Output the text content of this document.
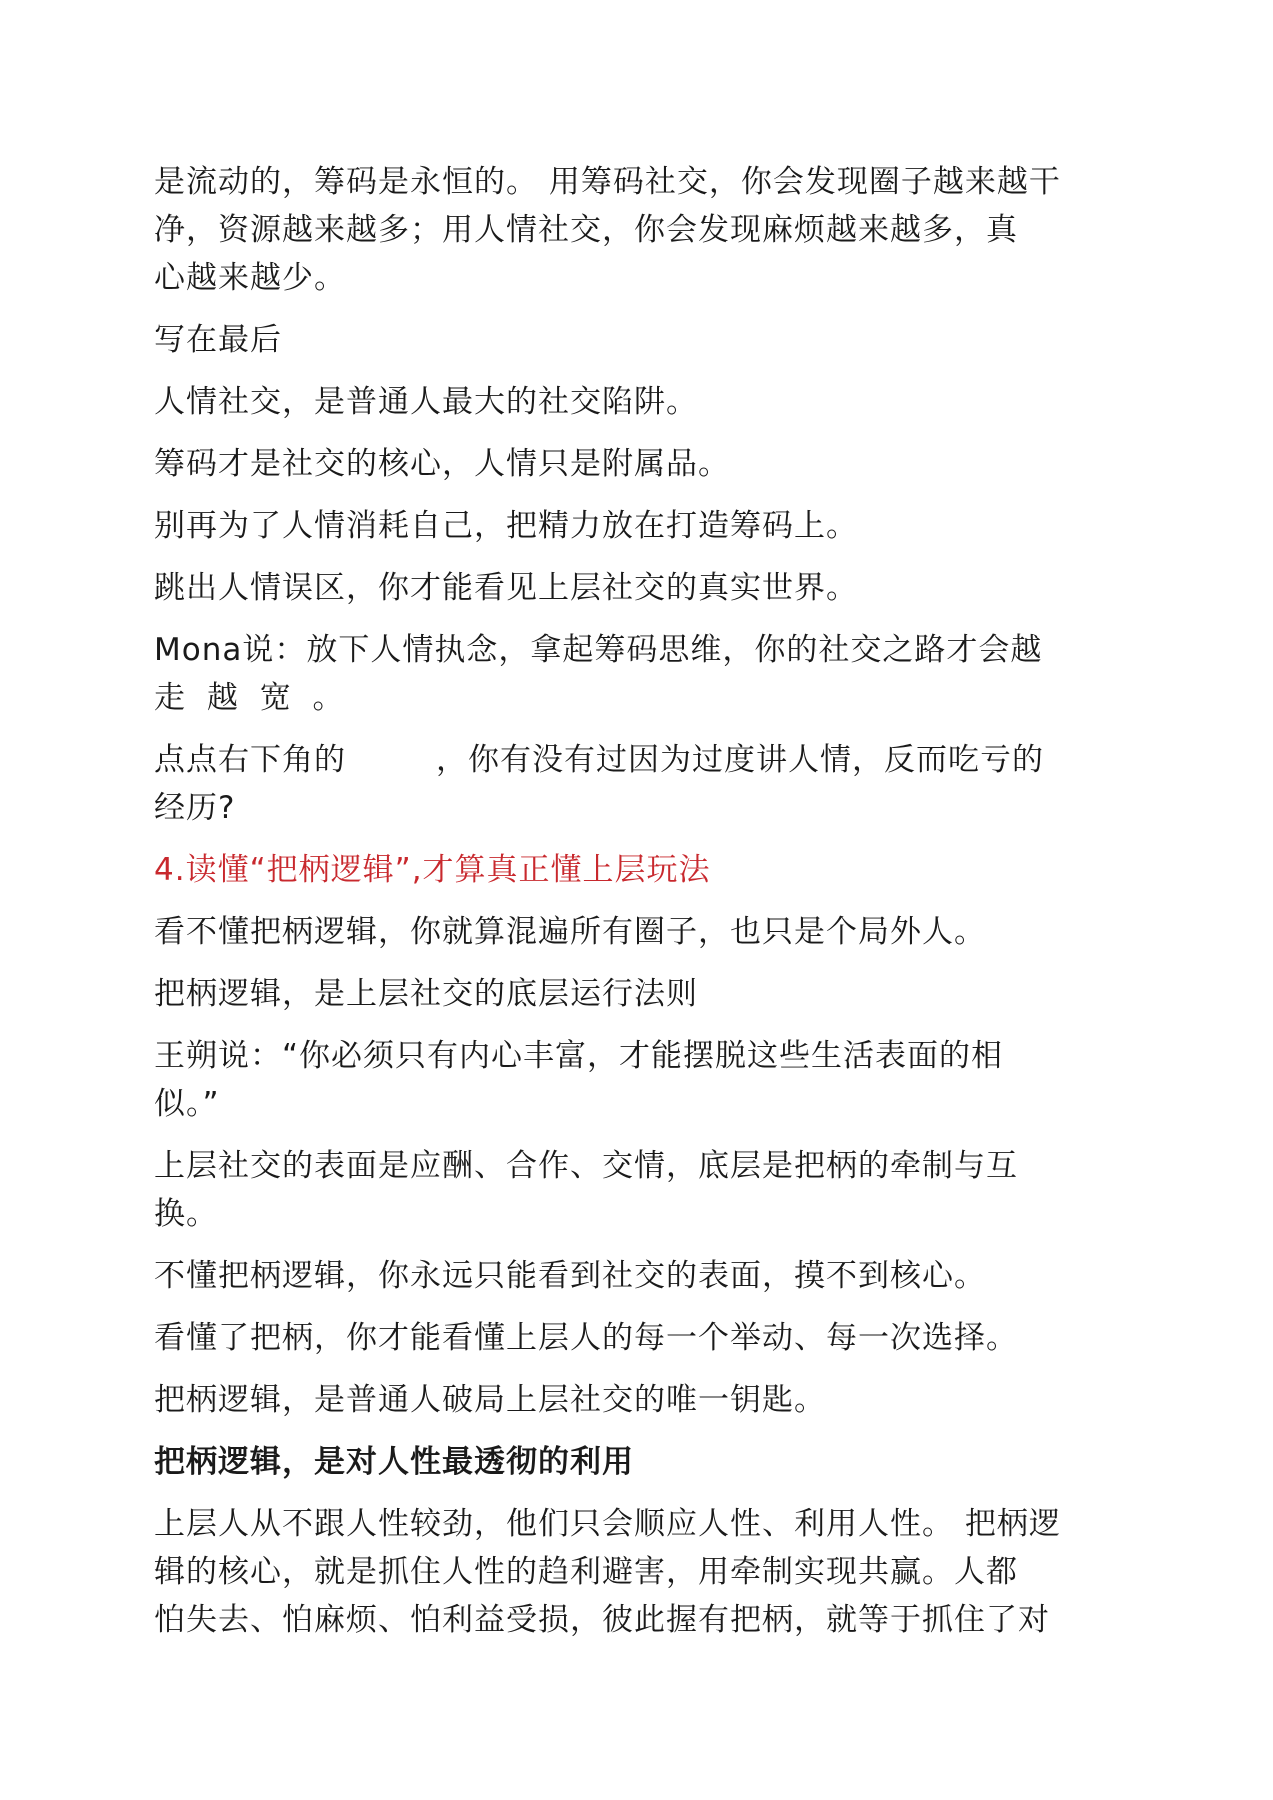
是流动的，筹码是永恒的。 用筹码社交，你会发现圈子越来越干

净，资源越来越多；用人情社交，你会发现麻烦越来越多，真

心越来越少。

写在最后

人情社交，是普通人最大的社交陷阱。

筹码才是社交的核心，人情只是附属品。

别再为了人情消耗自己，把精力放在打造筹码上。

跳出人情误区，你才能看见上层社交的真实世界。

Mona说：放下人情执念，拿起筹码思维，你的社交之路才会越

走 越 宽 。

点点右下角的	，你有没有过因为过度讲人情，反而吃亏的

经历?

4.读懂“把柄逻辑”,才算真正懂上层玩法

看不懂把柄逻辑，你就算混遍所有圈子，也只是个局外人。

把柄逻辑，是上层社交的底层运行法则

王朔说：“你必须只有内心丰富，才能摆脱这些生活表面的相

似。”

上层社交的表面是应酬、合作、交情，底层是把柄的牵制与互

换。

不懂把柄逻辑，你永远只能看到社交的表面，摸不到核心。

看懂了把柄，你才能看懂上层人的每一个举动、每一次选择。

把柄逻辑，是普通人破局上层社交的唯一钥匙。

把柄逻辑，是对人性最透彻的利用

上层人从不跟人性较劲，他们只会顺应人性、利用人性。 把柄逻

辑的核心，就是抓住人性的趋利避害，用牵制实现共赢。人都

怕失去、怕麻烦、怕利益受损，彼此握有把柄，就等于抓住了对
